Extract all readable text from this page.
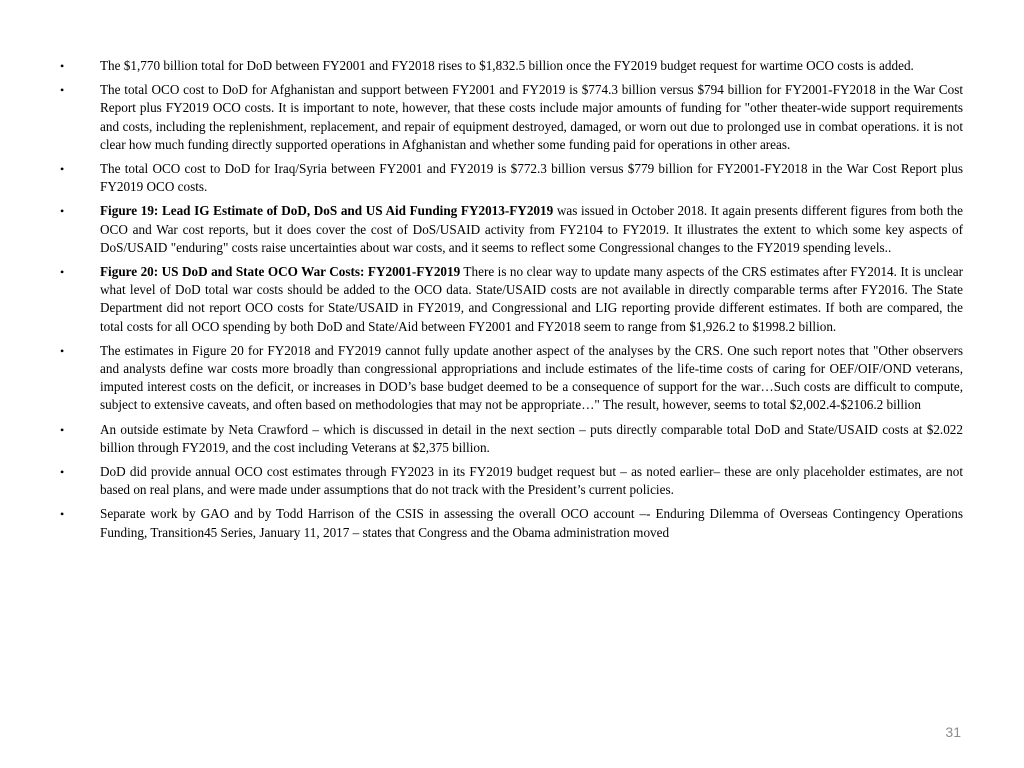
•	The $1,770 billion total for DoD between FY2001 and FY2018 rises to $1,832.5 billion once the FY2019 budget request for wartime OCO costs is added.
•	The total OCO cost to DoD for Afghanistan and support between FY2001 and FY2019 is $774.3 billion versus $794 billion for FY2001-FY2018 in the War Cost Report plus FY2019 OCO costs. It is important to note, however, that these costs include major amounts of funding for "other theater-wide support requirements and costs, including the replenishment, replacement, and repair of equipment destroyed, damaged, or worn out due to prolonged use in combat operations. it is not clear how much funding directly supported operations in Afghanistan and whether some funding paid for operations in other areas.
•	The total OCO cost to DoD for Iraq/Syria between FY2001 and FY2019 is $772.3 billion versus $779 billion for FY2001-FY2018 in the War Cost Report plus FY2019 OCO costs.
•	Figure 19: Lead IG Estimate of DoD, DoS and US Aid Funding FY2013-FY2019 was issued in October 2018. It again presents different figures from both the OCO and War cost reports, but it does cover the cost of DoS/USAID activity from FY2104 to FY2019. It illustrates the extent to which some key aspects of DoS/USAID "enduring" costs raise uncertainties about war costs, and it seems to reflect some Congressional changes to the FY2019 spending levels..
•	Figure 20: US DoD and State OCO War Costs: FY2001-FY2019 There is no clear way to update many aspects of the CRS estimates after FY2014. It is unclear what level of DoD total war costs should be added to the OCO data. State/USAID costs are not available in directly comparable terms after FY2016. The State Department did not report OCO costs for State/USAID in FY2019, and Congressional and LIG reporting provide different estimates. If both are compared, the total costs for all OCO spending by both DoD and State/Aid between FY2001 and FY2018 seem to range from $1,926.2 to $1998.2 billion.
•	The estimates in Figure 20 for FY2018 and FY2019 cannot fully update another aspect of the analyses by the CRS. One such report notes that "Other observers and analysts define war costs more broadly than congressional appropriations and include estimates of the life-time costs of caring for OEF/OIF/OND veterans, imputed interest costs on the deficit, or increases in DOD’s base budget deemed to be a consequence of support for the war…Such costs are difficult to compute, subject to extensive caveats, and often based on methodologies that may not be appropriate…" The result, however, seems to total $2,002.4-$2106.2 billion
•	An outside estimate by Neta Crawford – which is discussed in detail in the next section – puts directly comparable total DoD and State/USAID costs at $2.022 billion through FY2019, and the cost including Veterans at $2,375 billion.
•	DoD did provide annual OCO cost estimates through FY2023 in its FY2019 budget request but – as noted earlier– these are only placeholder estimates, are not based on real plans, and were made under assumptions that do not track with the President’s current policies.
•	Separate work by GAO and by Todd Harrison of the CSIS in assessing the overall OCO account –- Enduring Dilemma of Overseas Contingency Operations Funding, Transition45 Series, January 11, 2017 – states that Congress and the Obama administration moved
31
